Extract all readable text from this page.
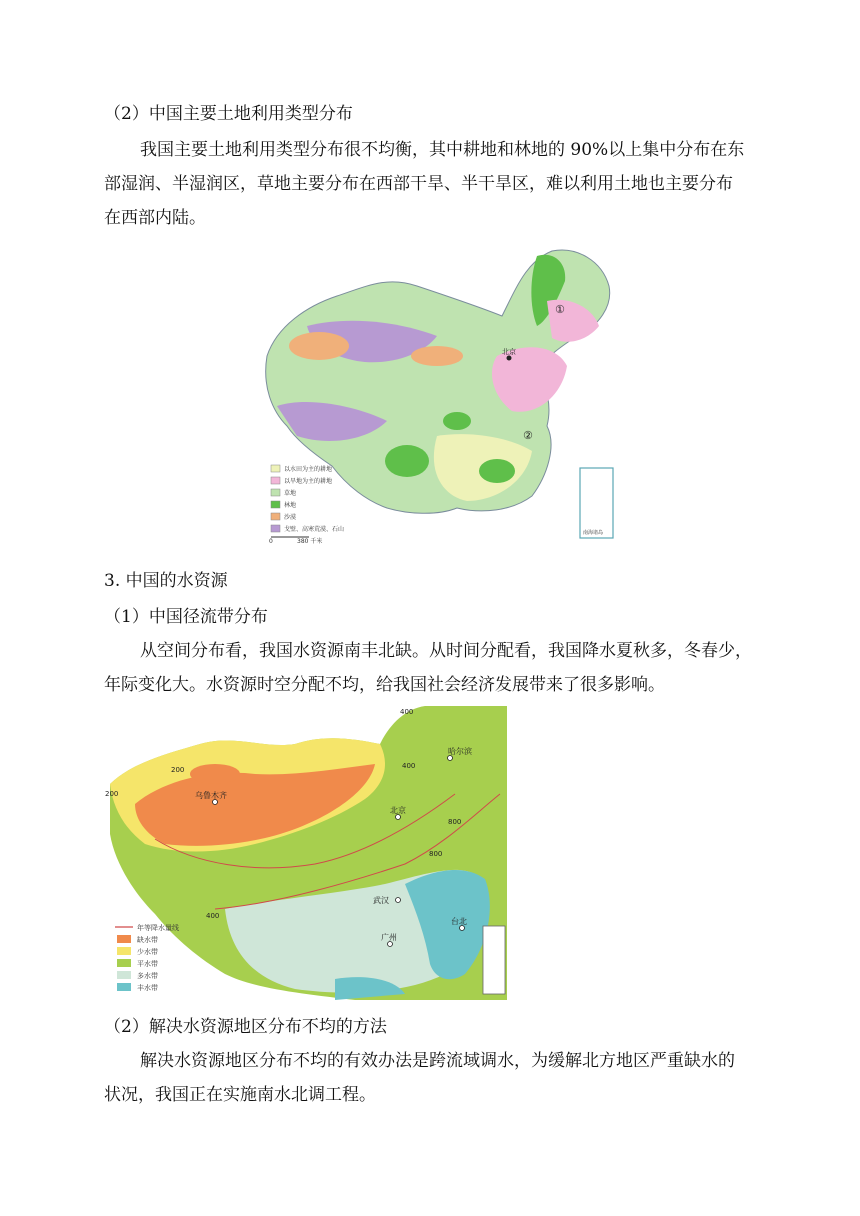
（2）中国主要土地利用类型分布
我国主要土地利用类型分布很不均衡，其中耕地和林地的 90%以上集中分布在东
部湿润、半湿润区，草地主要分布在西部干旱、半干旱区，难以利用土地也主要分布
在西部内陆。
①
②
北京
南海诸岛
以水田为主的耕地
以旱地为主的耕地
草地
林地
沙漠
戈壁、高寒荒漠、石山
0	380 千米
3. 中国的水资源
（1）中国径流带分布
从空间分布看，我国水资源南丰北缺。从时间分配看，我国降水夏秋多，冬春少，
年际变化大。水资源时空分配不均，给我国社会经济发展带来了很多影响。
400
200
200
400
800
800
400
乌鲁木齐
哈尔滨
北京
武汉
台北
广州
年等降水量线
缺水带
少水带
平水带
多水带
丰水带
（2）解决水资源地区分布不均的方法
解决水资源地区分布不均的有效办法是跨流域调水，为缓解北方地区严重缺水的
状况，我国正在实施南水北调工程。
